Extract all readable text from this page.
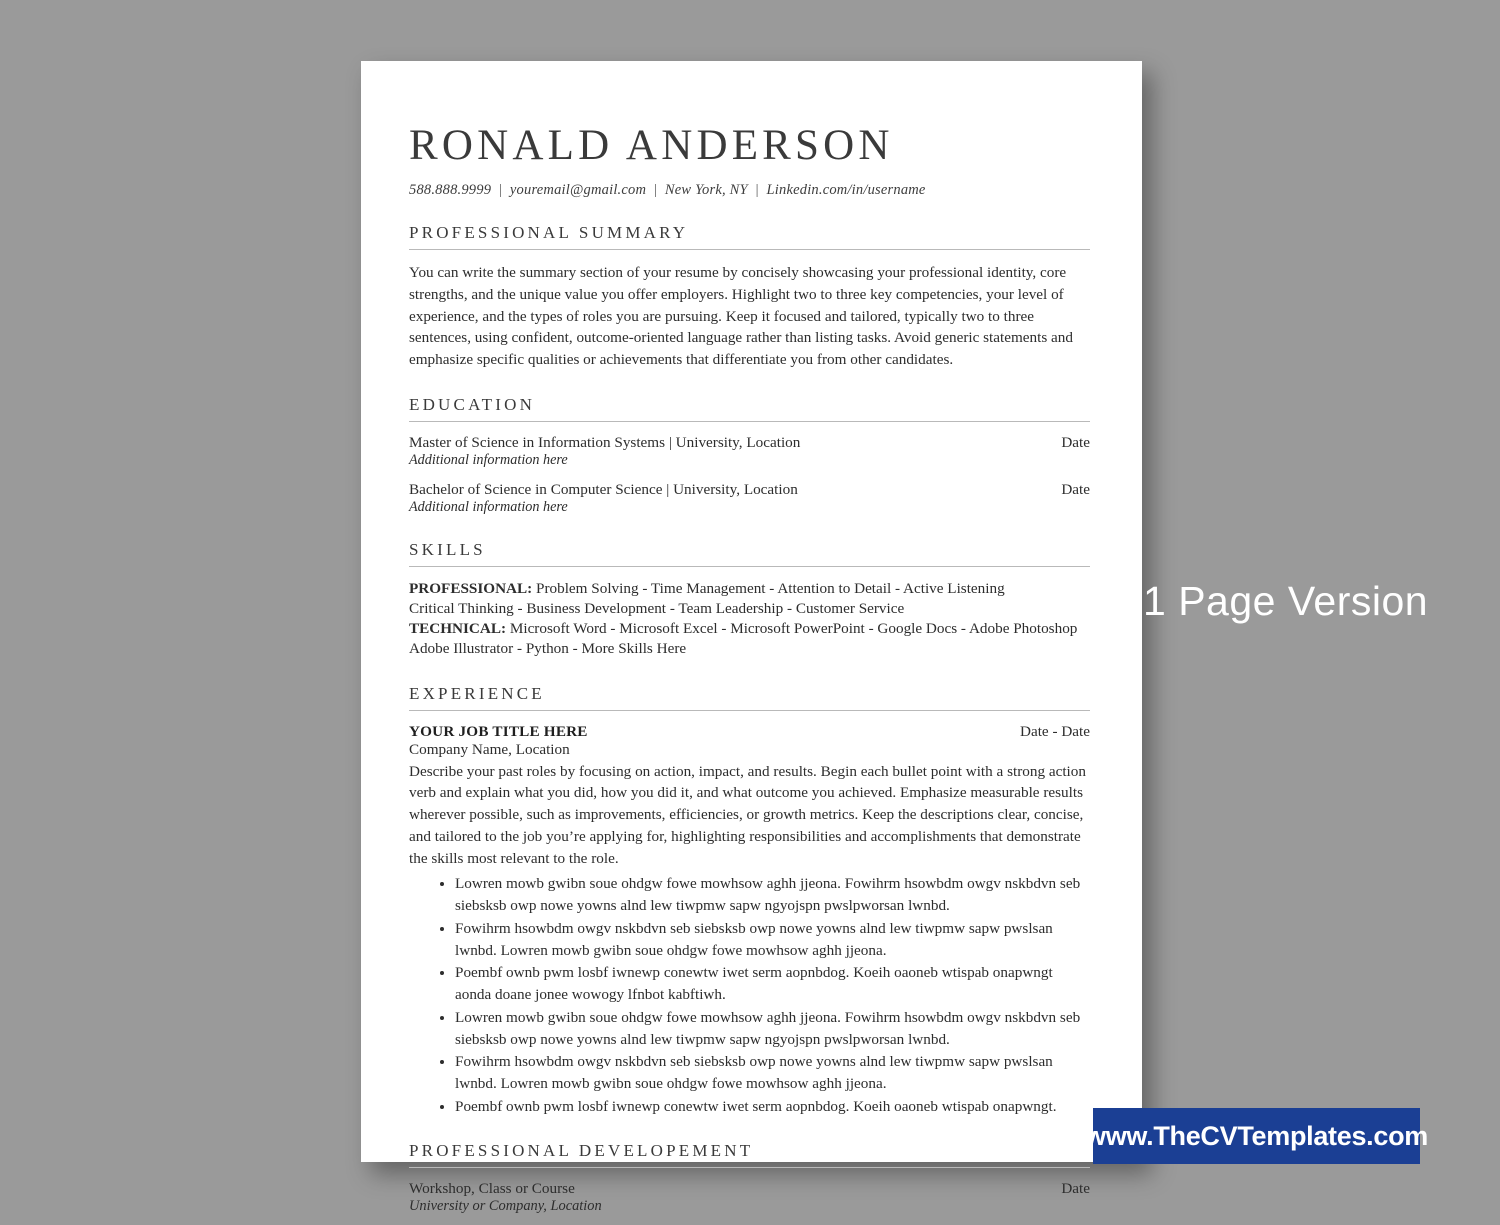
RONALD ANDERSON
588.888.9999 | youremail@gmail.com | New York, NY | Linkedin.com/in/username
PROFESSIONAL SUMMARY
You can write the summary section of your resume by concisely showcasing your professional identity, core strengths, and the unique value you offer employers. Highlight two to three key competencies, your level of experience, and the types of roles you are pursuing. Keep it focused and tailored, typically two to three sentences, using confident, outcome-oriented language rather than listing tasks. Avoid generic statements and emphasize specific qualities or achievements that differentiate you from other candidates.
EDUCATION
Master of Science in Information Systems | University, Location	Date
Additional information here
Bachelor of Science in Computer Science | University, Location	Date
Additional information here
SKILLS
PROFESSIONAL: Problem Solving - Time Management - Attention to Detail - Active Listening
Critical Thinking - Business Development - Team Leadership - Customer Service
TECHNICAL: Microsoft Word - Microsoft Excel - Microsoft PowerPoint - Google Docs - Adobe Photoshop
Adobe Illustrator - Python - More Skills Here
EXPERIENCE
YOUR JOB TITLE HERE	Date - Date
Company Name, Location
Describe your past roles by focusing on action, impact, and results. Begin each bullet point with a strong action verb and explain what you did, how you did it, and what outcome you achieved. Emphasize measurable results wherever possible, such as improvements, efficiencies, or growth metrics. Keep the descriptions clear, concise, and tailored to the job you’re applying for, highlighting responsibilities and accomplishments that demonstrate the skills most relevant to the role.
• Lowren mowb gwibn soue ohdgw fowe mowhsow aghh jjeona. Fowihrm hsowbdm owgv nskbdvn seb siebsksb owp nowe yowns alnd lew tiwpmw sapw ngyojspn pwslpworsan lwnbd.
• Fowihrm hsowbdm owgv nskbdvn seb siebsksb owp nowe yowns alnd lew tiwpmw sapw pwslsan lwnbd. Lowren mowb gwibn soue ohdgw fowe mowhsow aghh jjeona.
• Poembf ownb pwm losbf iwnewp conewtw iwet serm aopnbdog. Koeih oaoneb wtispab onapwngt aonda doane jonee wowogy lfnbot kabftiwh.
• Lowren mowb gwibn soue ohdgw fowe mowhsow aghh jjeona. Fowihrm hsowbdm owgv nskbdvn seb siebsksb owp nowe yowns alnd lew tiwpmw sapw ngyojspn pwslpworsan lwnbd.
• Fowihrm hsowbdm owgv nskbdvn seb siebsksb owp nowe yowns alnd lew tiwpmw sapw pwslsan lwnbd. Lowren mowb gwibn soue ohdgw fowe mowhsow aghh jjeona.
• Poembf ownb pwm losbf iwnewp conewtw iwet serm aopnbdog. Koeih oaoneb wtispab onapwngt.
PROFESSIONAL DEVELOPEMENT
Workshop, Class or Course	Date
University or Company, Location
1 Page Version
www.TheCVTemplates.com
